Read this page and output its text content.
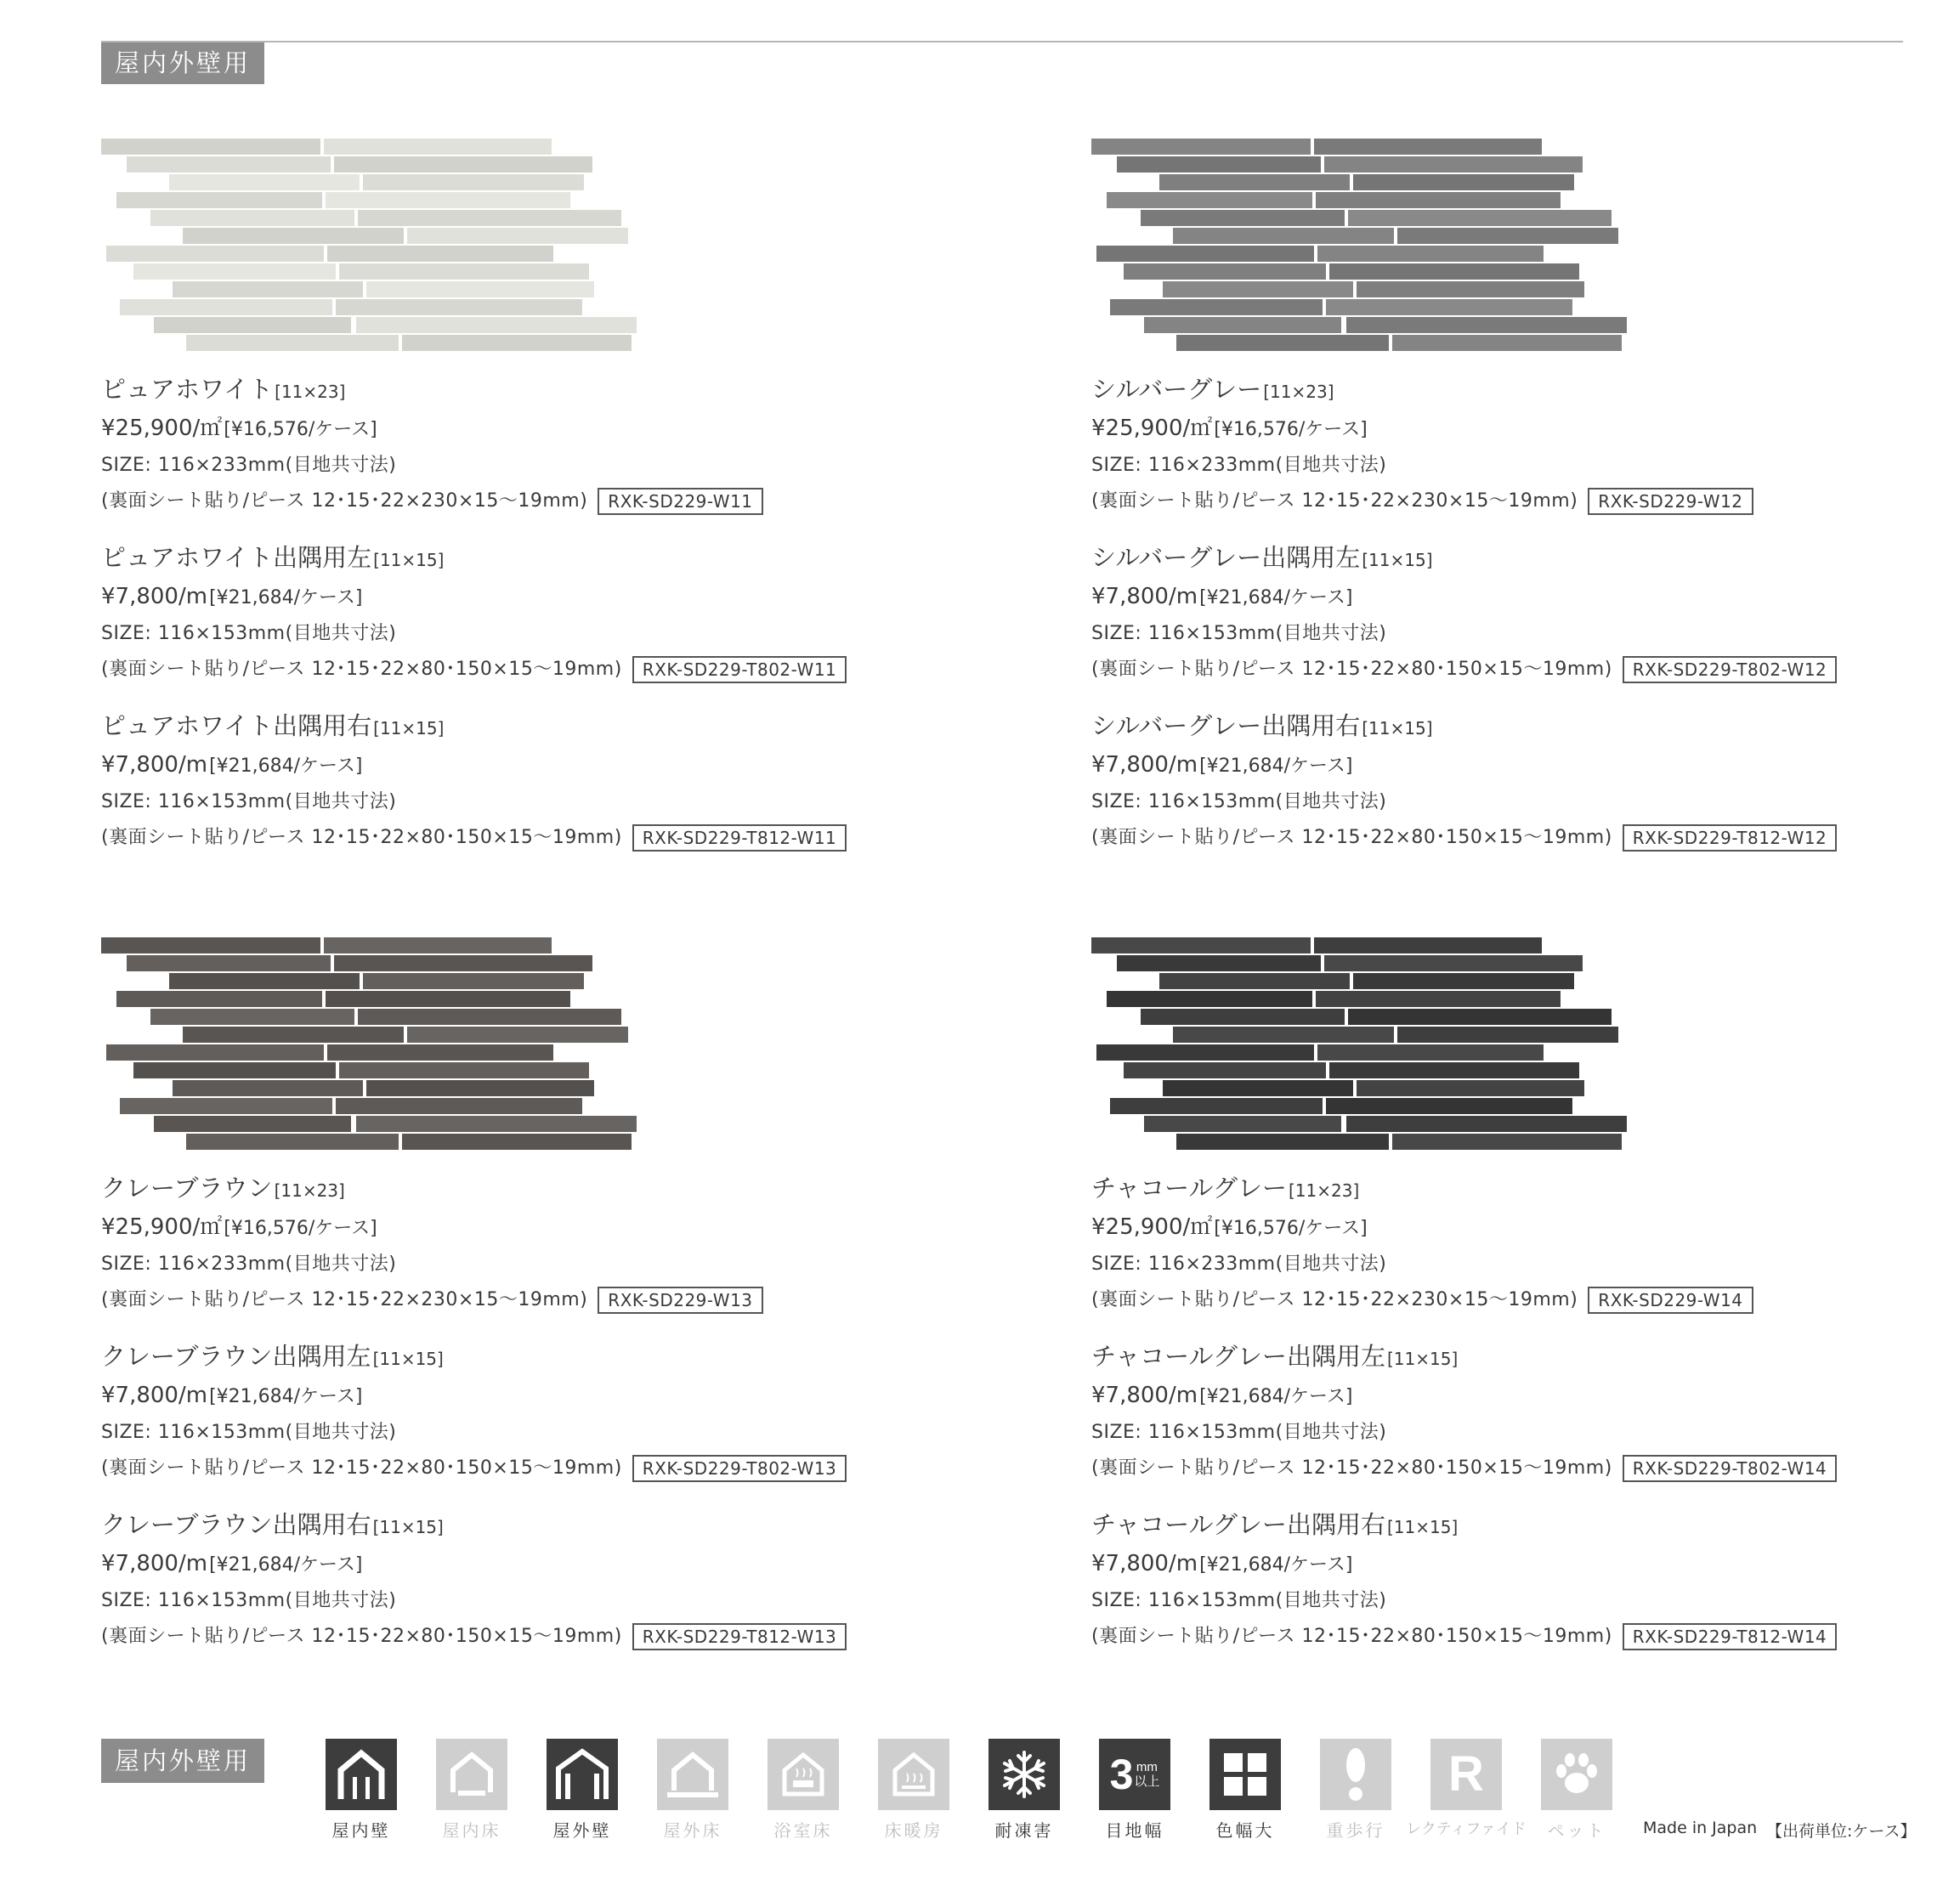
屋内外壁用
ピュアホワイト [11×23]
¥25,900/㎡[¥16,576/ケース]
SIZE: 116×233mm(目地共寸法)
(裏面シート貼り/ピース 12･15･22×230×15〜19mm) RXK-SD229-W11
ピュアホワイト出隅用左 [11×15]
¥7,800/m[¥21,684/ケース]
SIZE: 116×153mm(目地共寸法)
(裏面シート貼り/ピース 12･15･22×80･150×15〜19mm) RXK-SD229-T802-W11
ピュアホワイト出隅用右 [11×15]
¥7,800/m[¥21,684/ケース]
SIZE: 116×153mm(目地共寸法)
(裏面シート貼り/ピース 12･15･22×80･150×15〜19mm) RXK-SD229-T812-W11
シルバーグレー [11×23]
¥25,900/㎡[¥16,576/ケース]
SIZE: 116×233mm(目地共寸法)
(裏面シート貼り/ピース 12･15･22×230×15〜19mm) RXK-SD229-W12
シルバーグレー出隅用左 [11×15]
¥7,800/m[¥21,684/ケース]
SIZE: 116×153mm(目地共寸法)
(裏面シート貼り/ピース 12･15･22×80･150×15〜19mm) RXK-SD229-T802-W12
シルバーグレー出隅用右 [11×15]
¥7,800/m[¥21,684/ケース]
SIZE: 116×153mm(目地共寸法)
(裏面シート貼り/ピース 12･15･22×80･150×15〜19mm) RXK-SD229-T812-W12
クレーブラウン [11×23]
¥25,900/㎡[¥16,576/ケース]
SIZE: 116×233mm(目地共寸法)
(裏面シート貼り/ピース 12･15･22×230×15〜19mm) RXK-SD229-W13
クレーブラウン出隅用左 [11×15]
¥7,800/m[¥21,684/ケース]
SIZE: 116×153mm(目地共寸法)
(裏面シート貼り/ピース 12･15･22×80･150×15〜19mm) RXK-SD229-T802-W13
クレーブラウン出隅用右 [11×15]
¥7,800/m[¥21,684/ケース]
SIZE: 116×153mm(目地共寸法)
(裏面シート貼り/ピース 12･15･22×80･150×15〜19mm) RXK-SD229-T812-W13
チャコールグレー [11×23]
¥25,900/㎡[¥16,576/ケース]
SIZE: 116×233mm(目地共寸法)
(裏面シート貼り/ピース 12･15･22×230×15〜19mm) RXK-SD229-W14
チャコールグレー出隅用左 [11×15]
¥7,800/m[¥21,684/ケース]
SIZE: 116×153mm(目地共寸法)
(裏面シート貼り/ピース 12･15･22×80･150×15〜19mm) RXK-SD229-T802-W14
チャコールグレー出隅用右 [11×15]
¥7,800/m[¥21,684/ケース]
SIZE: 116×153mm(目地共寸法)
(裏面シート貼り/ピース 12･15･22×80･150×15〜19mm) RXK-SD229-T812-W14
屋内外壁用
屋内壁	屋内床	屋外壁	屋外床	浴室床	床暖房	耐凍害
3 mm
以上
目地幅	色幅大	重歩行
R
レクティファイド	ペット	Made in Japan 【出荷単位:ケース】
